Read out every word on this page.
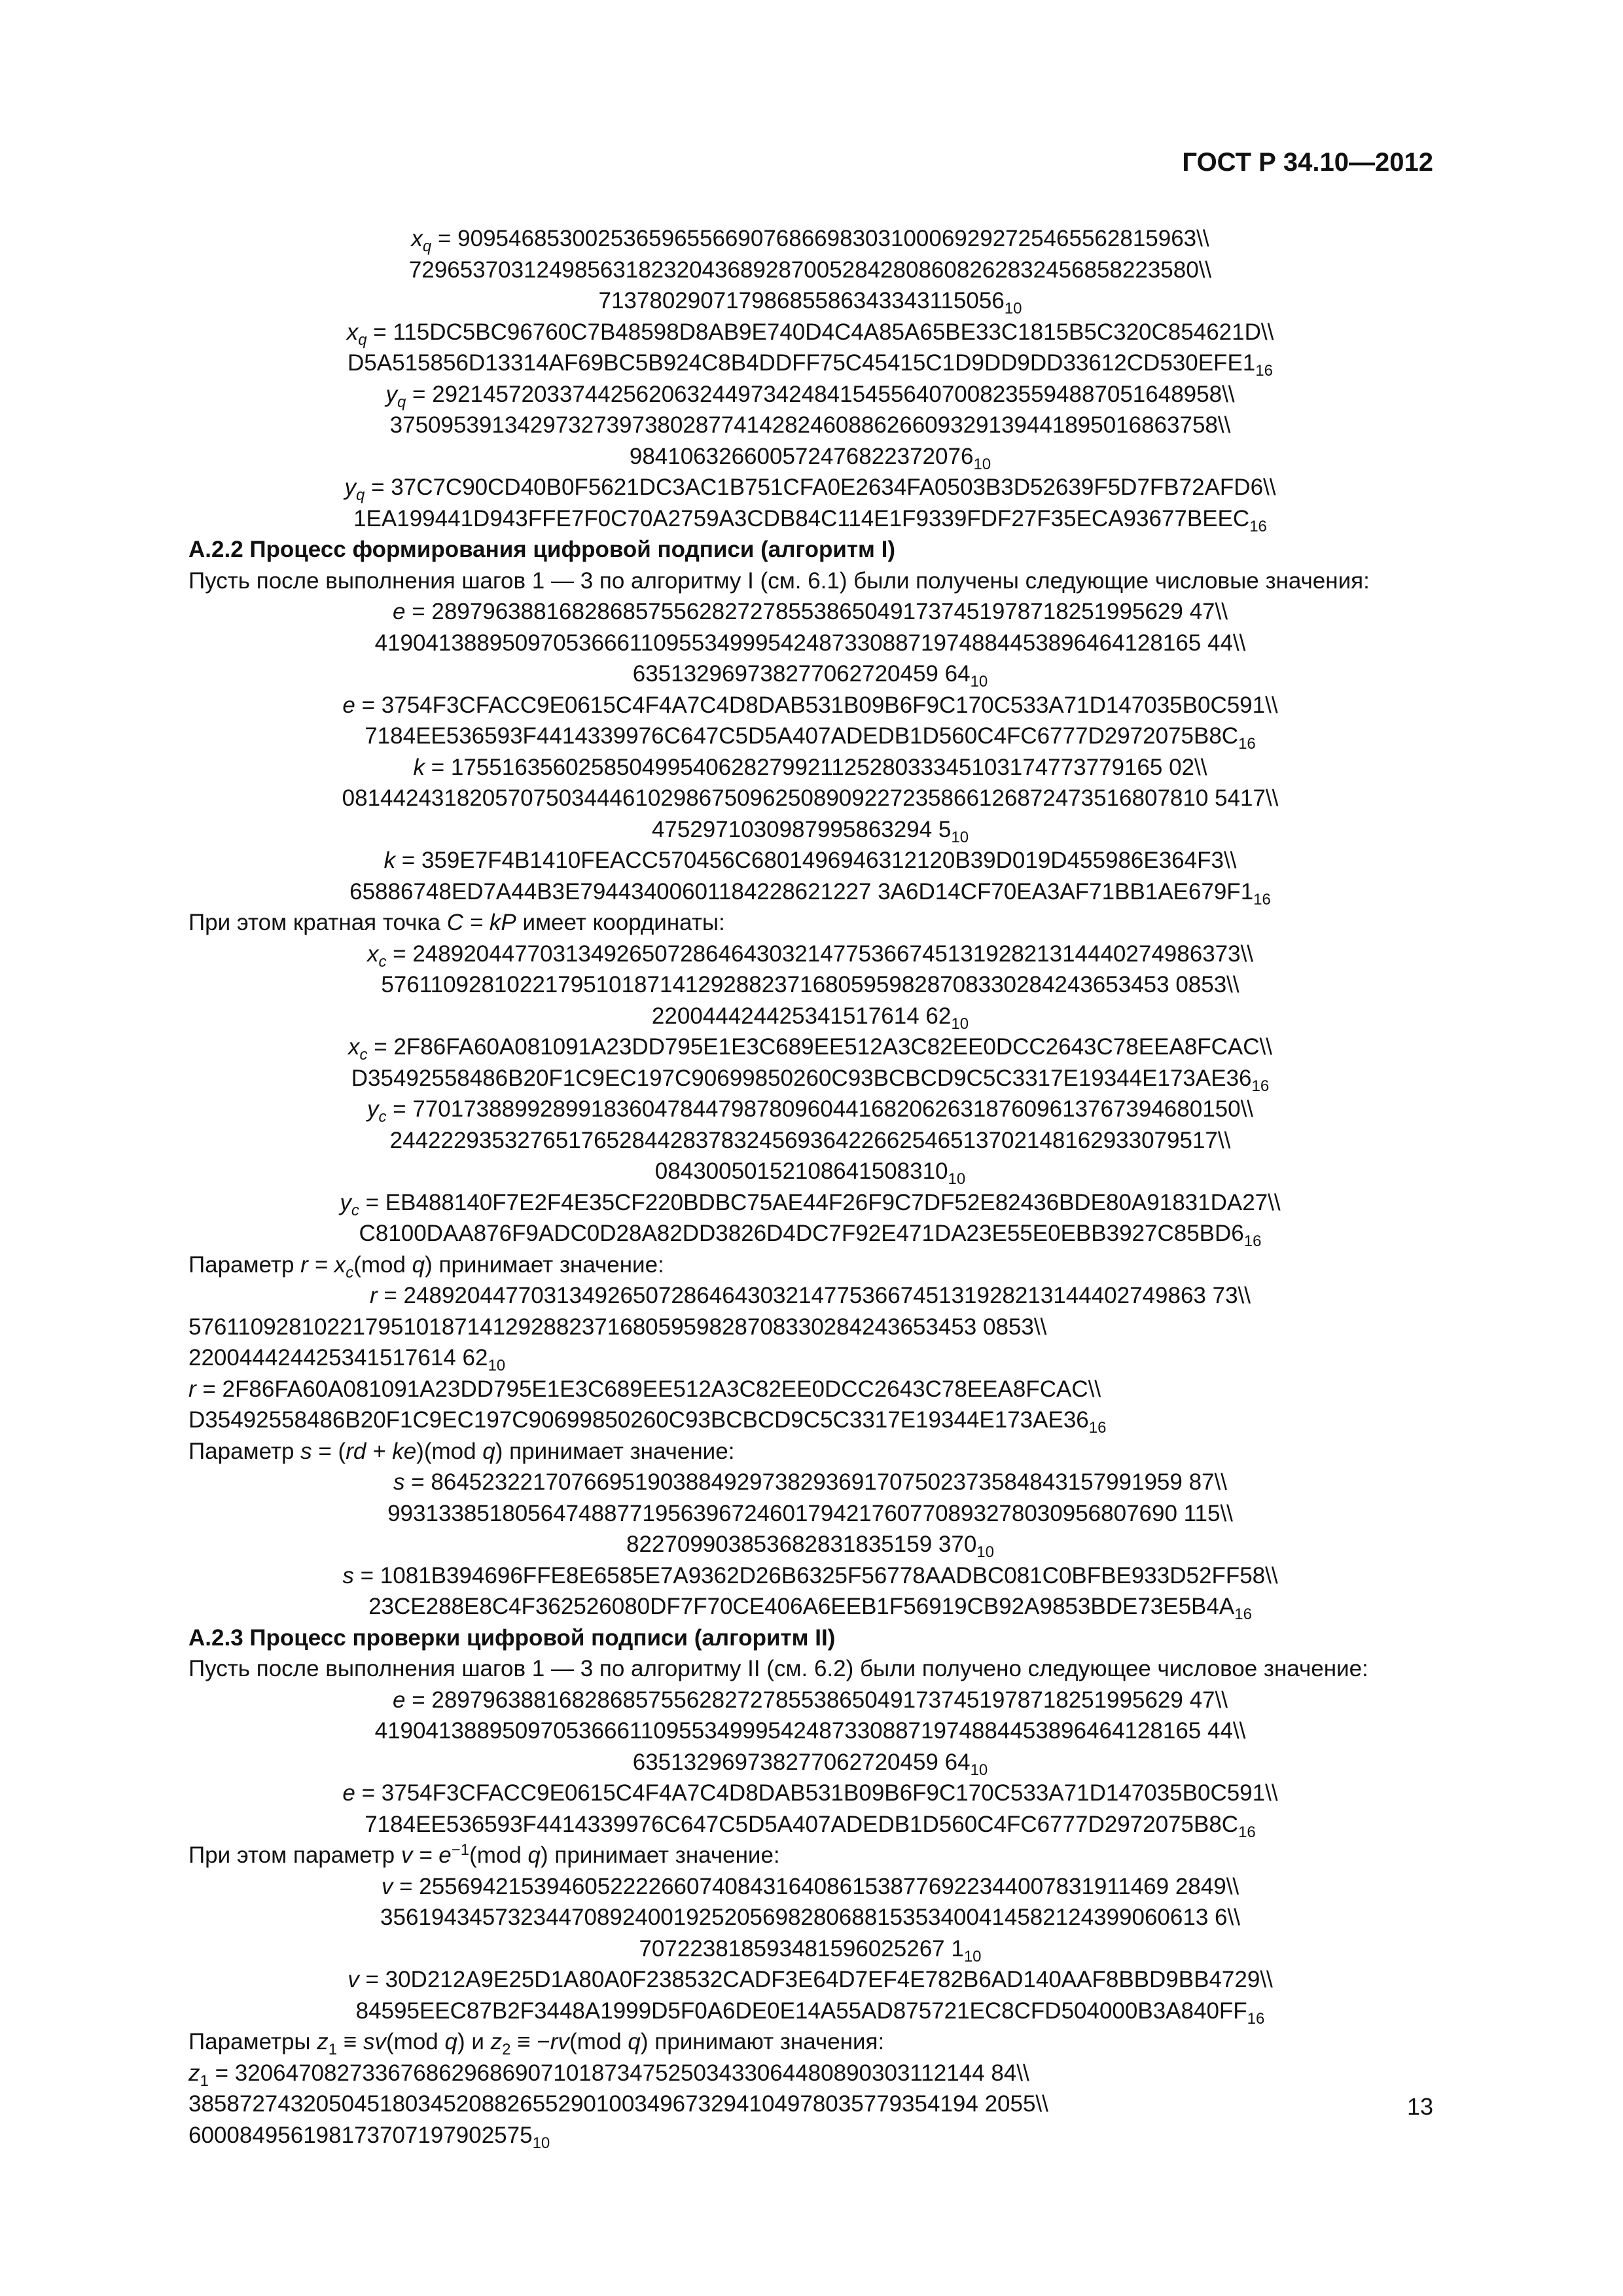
ГОСТ Р 34.10—2012

$x_q$ = 9095468530025365965566907686698303100069292725465562815963\\
72965370312498563182320436892870052842808608262832456858223580\\
$71378029071798685586343343115056_{10}$
$x_q$ = 115DC5BC96760C7B48598D8AB9E740D4C4A85A65BE33C1815B5C320C854621D\\
$D5A515856D13314AF69BC5B924C8B4DDFF75C45415C1D9DD9DD33612CD530EFE1_{16}$
$y_q$ = 29214572033744256206324497342484154556407008235594887051648958\\
37509539134297327397380287741428246088626609329139441895016863758\\
$984106326600572476822372076_{10}$
$y_q$ = 37C7C90CD40B0F5621DC3AC1B751CFA0E2634FA0503B3D52639F5D7FB72AFD6\\
$1EA199441D943FFE7F0C70A2759A3CDB84C114E1F9339FDF27F35ECA93677BEEC_{16}$
А.2.2 Процесс формирования цифровой подписи (алгоритм I)
Пусть после выполнения шагов 1 — 3 по алгоритму I (см. 6.1) были получены следующие числовые значения:
e = 28979638816828685755628272785538650491737451978718251995629 47\\
41904138895097053666110955349995424873308871974884453896464128165 44\\
635132969738277062720459 $64_{10}$
e = 3754F3CFACC9E0615C4F4A7C4D8DAB531B09B6F9C170C533A71D147035B0C591\\
$7184EE536593F4414339976C647C5D5A407ADEDB1D560C4FC6777D2972075B8C_{16}$
k = 17551635602585049954062827992112528033345103174773779165 02\\
08144243182057075034446102986750962508909227235866126872473516807810 5417\\
4752971030987995863294 $5_{10}$
k = 359E7F4B1410FEACC570456C6801496946312120B39D019D455986E364F3\\
65886748ED7A44B3E79443400601184228621227 $3A6D14CF70EA3AF71BB1AE679F1_{16}$
При этом кратная точка C = kP имеет координаты:
$x_c$ = 24892044770313492650728646430321477536674513192821314440274986373\\
57611092810221795101871412928823716805959828708330284243653453 0853\\
220044424425341517614 $62_{10}$
$x_c$ = 2F86FA60A081091A23DD795E1E3C689EE512A3C82EE0DCC2643C78EEA8FCAC\\
$D35492558486B20F1C9EC197C90699850260C93BCBCD9C5C3317E19344E173AE36_{16}$
$y_c$ = 77017388992899183604784479878096044168206263187609613767394680150\\
24422293532765176528442837832456936422662546513702148162933079517\\
$08430050152108641508310_{10}$
$y_c$ = EB488140F7E2F4E35CF220BDBC75AE44F26F9C7DF52E82436BDE80A91831DA27\\
$C8100DAA876F9ADC0D28A82DD3826D4DC7F92E471DA23E55E0EBB3927C85BD6_{16}$
Параметр $r = x_c(mod$ q) принимает значение:
r = 248920447703134926507286464303214775366745131928213144402749863 73\\
57611092810221795101871412928823716805959828708330284243653453 0853\\
220044424425341517614 $62_{10}$
r = 2F86FA60A081091A23DD795E1E3C689EE512A3C82EE0DCC2643C78EEA8FCAC\\
$D35492558486B20F1C9EC197C90699850260C93BCBCD9C5C3317E19344E173AE36_{16}$
Параметр s = (rd + ke)(mod q) принимает значение:
s = 86452322170766951903884929738293691707502373584843157991959 87\\
99313385180564748877195639672460179421760770893278030956807690 115\\
822709903853682831835159 $370_{10}$
s = 1081B394696FFE8E6585E7A9362D26B6325F56778AADBC081C0BFBE933D52FF58\\
$23CE288E8C4F362526080DF7F70CE406A6EEB1F56919CB92A9853BDE73E5B4A_{16}$
А.2.3 Процесс проверки цифровой подписи (алгоритм II)
Пусть после выполнения шагов 1 — 3 по алгоритму II (см. 6.2) были получено следующее числовое значение:
e = 28979638816828685755628272785538650491737451978718251995629 47\\
41904138895097053666110955349995424873308871974884453896464128165 44\\
635132969738277062720459 $64_{10}$
e = 3754F3CFACC9E0615C4F4A7C4D8DAB531B09B6F9C170C533A71D147035B0C591\\
$7184EE536593F4414339976C647C5D5A407ADEDB1D560C4FC6777D2972075B8C_{16}$
При этом параметр $v = e^{-1}(mod$ q) принимает значение:
v = 25569421539460522226607408431640861538776922344007831911469 2849\\
35619434573234470892400192520569828068815353400414582124399060613 6\\
707223818593481596025267 $1_{10}$
v = 30D212A9E25D1A80A0F238532CADF3E64D7EF4E782B6AD140AAF8BBD9BB4729\\
$84595EEC87B2F3448A1999D5F0A6DE0E14A55AD875721EC8CFD504000B3A840FF_{16}$
Параметры $z_1 \equiv sv(mod$ q) и $z_2 \equiv -rv(mod$ q) принимают значения:
$z_1 = 32064708273367686296869071018734752503433064480890303112144$ 84\\
38587274320504518034520882655290100349673294104978035779354194 2055\\
$600084956198173707197902575_{10}$

13
